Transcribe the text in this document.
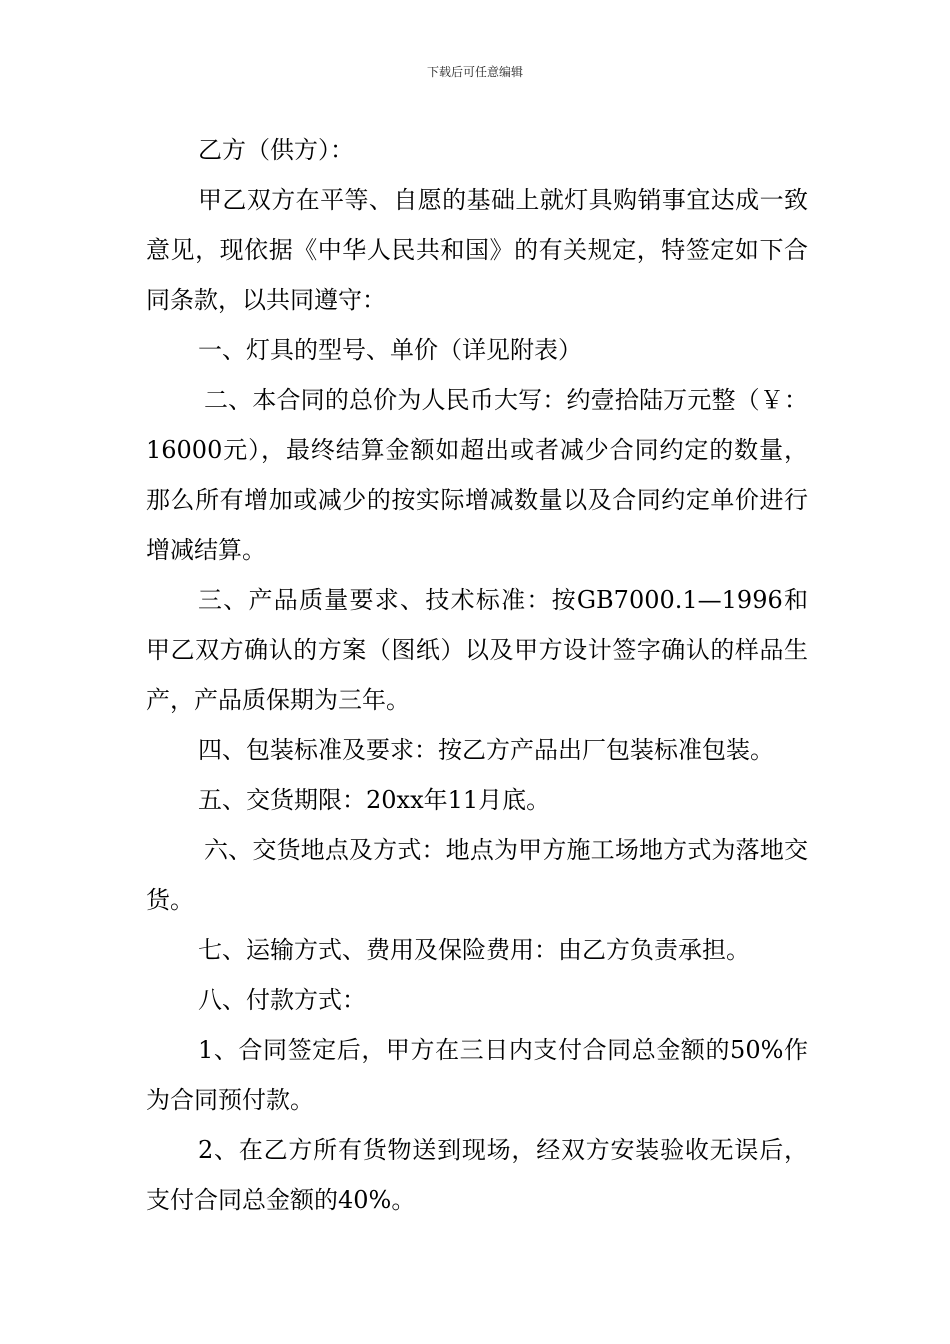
下载后可任意编辑

乙方（供方）：

甲乙双方在平等、自愿的基础上就灯具购销事宜达成一致意见，现依据《中华人民共和国》的有关规定，特签定如下合同条款，以共同遵守：

一、灯具的型号、单价（详见附表）

二、本合同的总价为人民币大写：约壹拾陆万元整（￥：16000元），最终结算金额如超出或者减少合同约定的数量，那么所有增加或减少的按实际增减数量以及合同约定单价进行增减结算。

三、产品质量要求、技术标准：按GB7000.1—1996和甲乙双方确认的方案（图纸）以及甲方设计签字确认的样品生产，产品质保期为三年。

四、包装标准及要求：按乙方产品出厂包装标准包装。

五、交货期限：20xx年11月底。

六、交货地点及方式：地点为甲方施工场地方式为落地交货。

七、运输方式、费用及保险费用：由乙方负责承担。

八、付款方式：

1、合同签定后，甲方在三日内支付合同总金额的50%作为合同预付款。

2、在乙方所有货物送到现场，经双方安装验收无误后，支付合同总金额的40%。
